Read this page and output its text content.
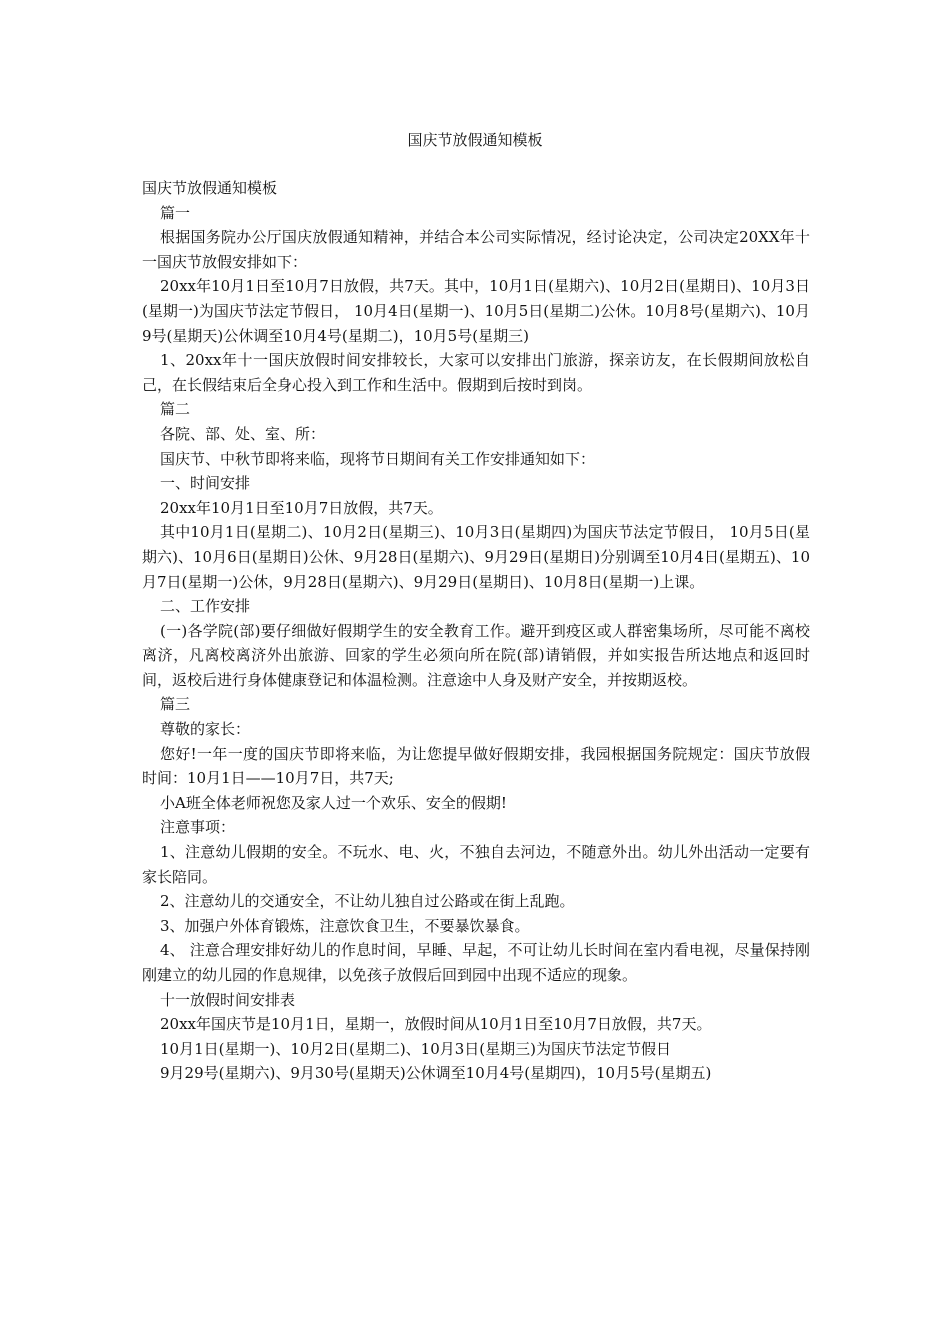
国庆节放假通知模板

国庆节放假通知模板

篇一

根据国务院办公厅国庆放假通知精神，并结合本公司实际情况，经讨论决定，公司决定20XX年十一国庆节放假安排如下：

20xx年10月1日至10月7日放假，共7天。其中，10月1日(星期六)、10月2日(星期日)、10月3日(星期一)为国庆节法定节假日， 10月4日(星期一)、10月5日(星期二)公休。10月8号(星期六)、10月9号(星期天)公休调至10月4号(星期二)，10月5号(星期三)

1、20xx年十一国庆放假时间安排较长，大家可以安排出门旅游，探亲访友，在长假期间放松自己，在长假结束后全身心投入到工作和生活中。假期到后按时到岗。

篇二

各院、部、处、室、所：

国庆节、中秋节即将来临，现将节日期间有关工作安排通知如下：

一、时间安排

20xx年10月1日至10月7日放假，共7天。

其中10月1日(星期二)、10月2日(星期三)、10月3日(星期四)为国庆节法定节假日， 10月5日(星期六)、10月6日(星期日)公休、9月28日(星期六)、9月29日(星期日)分别调至10月4日(星期五)、10月7日(星期一)公休，9月28日(星期六)、9月29日(星期日)、10月8日(星期一)上课。

二、工作安排

(一)各学院(部)要仔细做好假期学生的安全教育工作。避开到疫区或人群密集场所，尽可能不离校离济，凡离校离济外出旅游、回家的学生必须向所在院(部)请销假，并如实报告所达地点和返回时间，返校后进行身体健康登记和体温检测。注意途中人身及财产安全，并按期返校。

篇三

尊敬的家长：

您好!一年一度的国庆节即将来临，为让您提早做好假期安排，我园根据国务院规定：国庆节放假时间：10月1日——10月7日，共7天;

小A班全体老师祝您及家人过一个欢乐、安全的假期!

注意事项：

1、注意幼儿假期的安全。不玩水、电、火，不独自去河边，不随意外出。幼儿外出活动一定要有家长陪同。

2、注意幼儿的交通安全，不让幼儿独自过公路或在街上乱跑。

3、加强户外体育锻炼，注意饮食卫生，不要暴饮暴食。

4、 注意合理安排好幼儿的作息时间，早睡、早起，不可让幼儿长时间在室内看电视，尽量保持刚刚建立的幼儿园的作息规律，以免孩子放假后回到园中出现不适应的现象。

十一放假时间安排表

20xx年国庆节是10月1日，星期一，放假时间从10月1日至10月7日放假，共7天。

10月1日(星期一)、10月2日(星期二)、10月3日(星期三)为国庆节法定节假日

9月29号(星期六)、9月30号(星期天)公休调至10月4号(星期四)，10月5号(星期五)
